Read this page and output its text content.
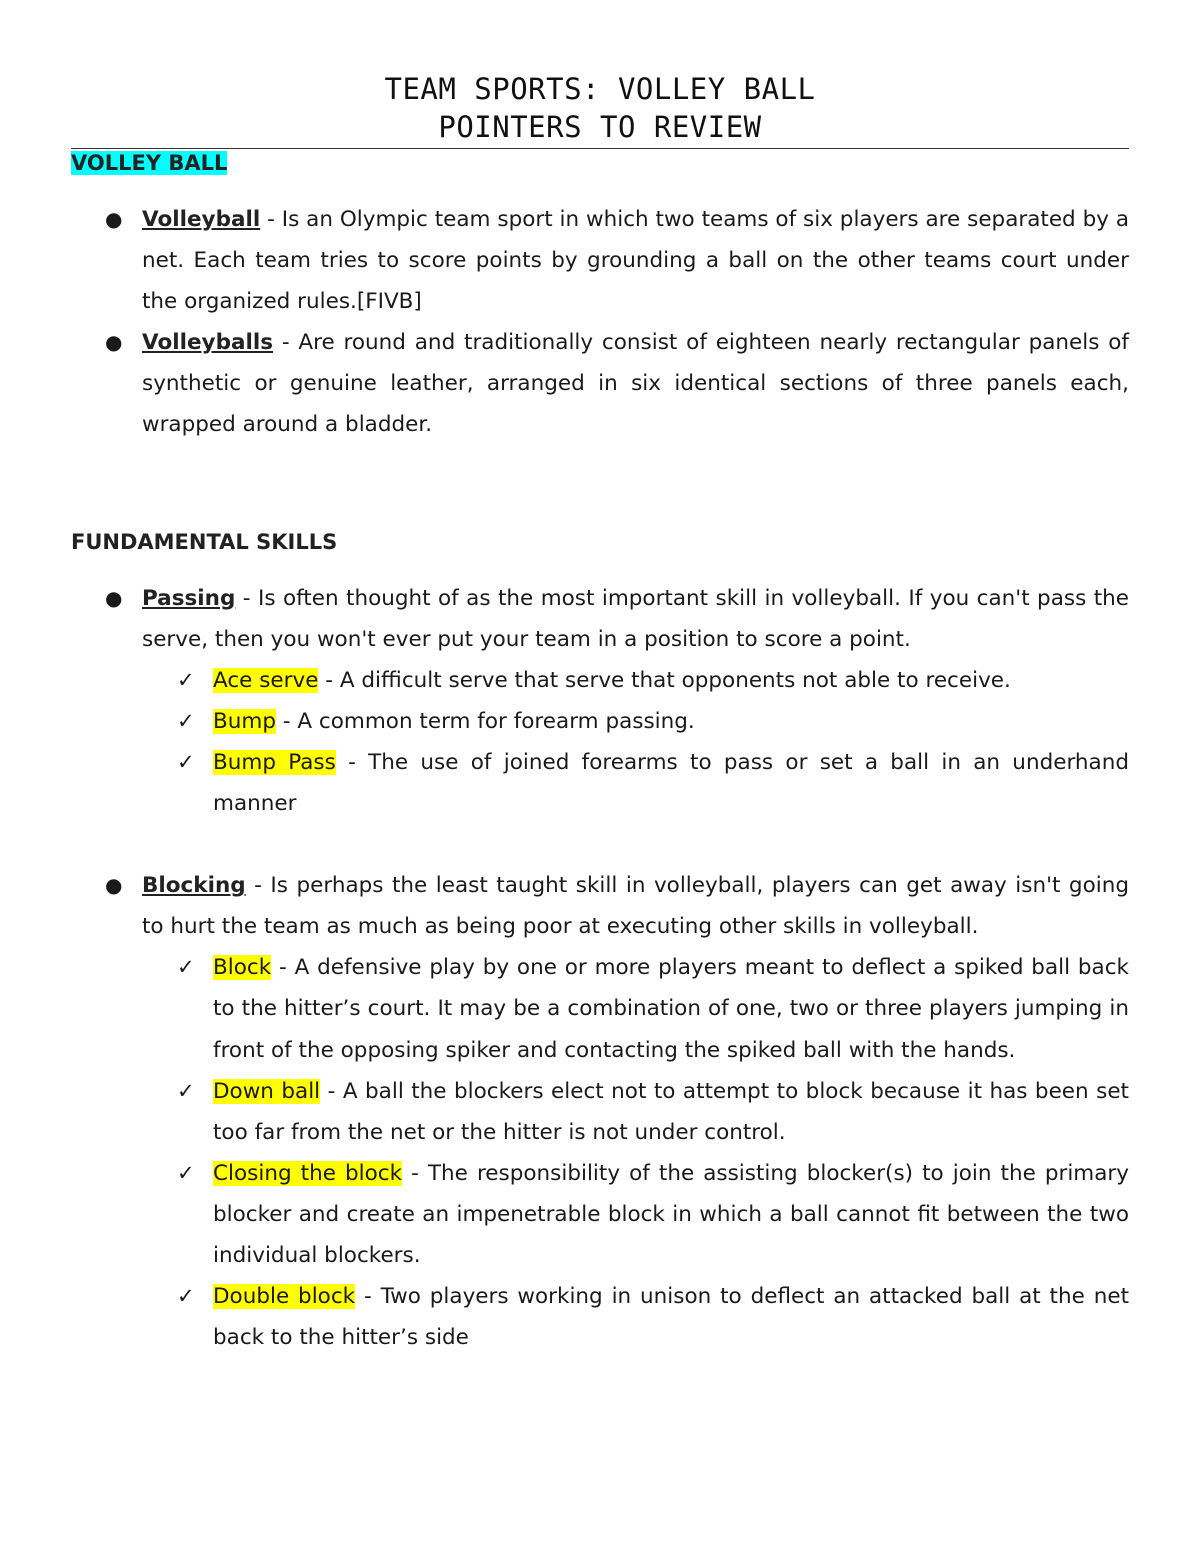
TEAM SPORTS: VOLLEY BALL
POINTERS TO REVIEW
VOLLEY BALL
● Volleyball - Is an Olympic team sport in which two teams of six players are separated by a net. Each team tries to score points by grounding a ball on the other teams court under the organized rules.[FIVB]
● Volleyballs - Are round and traditionally consist of eighteen nearly rectangular panels of synthetic or genuine leather, arranged in six identical sections of three panels each, wrapped around a bladder.
FUNDAMENTAL SKILLS
● Passing - Is often thought of as the most important skill in volleyball. If you can't pass the serve, then you won't ever put your team in a position to score a point.
✓ Ace serve - A difficult serve that serve that opponents not able to receive.
✓ Bump - A common term for forearm passing.
✓ Bump Pass - The use of joined forearms to pass or set a ball in an underhand manner
● Blocking - Is perhaps the least taught skill in volleyball, players can get away isn't going to hurt the team as much as being poor at executing other skills in volleyball.
✓ Block - A defensive play by one or more players meant to deflect a spiked ball back to the hitter’s court. It may be a combination of one, two or three players jumping in front of the opposing spiker and contacting the spiked ball with the hands.
✓ Down ball - A ball the blockers elect not to attempt to block because it has been set too far from the net or the hitter is not under control.
✓ Closing the block - The responsibility of the assisting blocker(s) to join the primary blocker and create an impenetrable block in which a ball cannot fit between the two individual blockers.
✓ Double block - Two players working in unison to deflect an attacked ball at the net back to the hitter’s side
